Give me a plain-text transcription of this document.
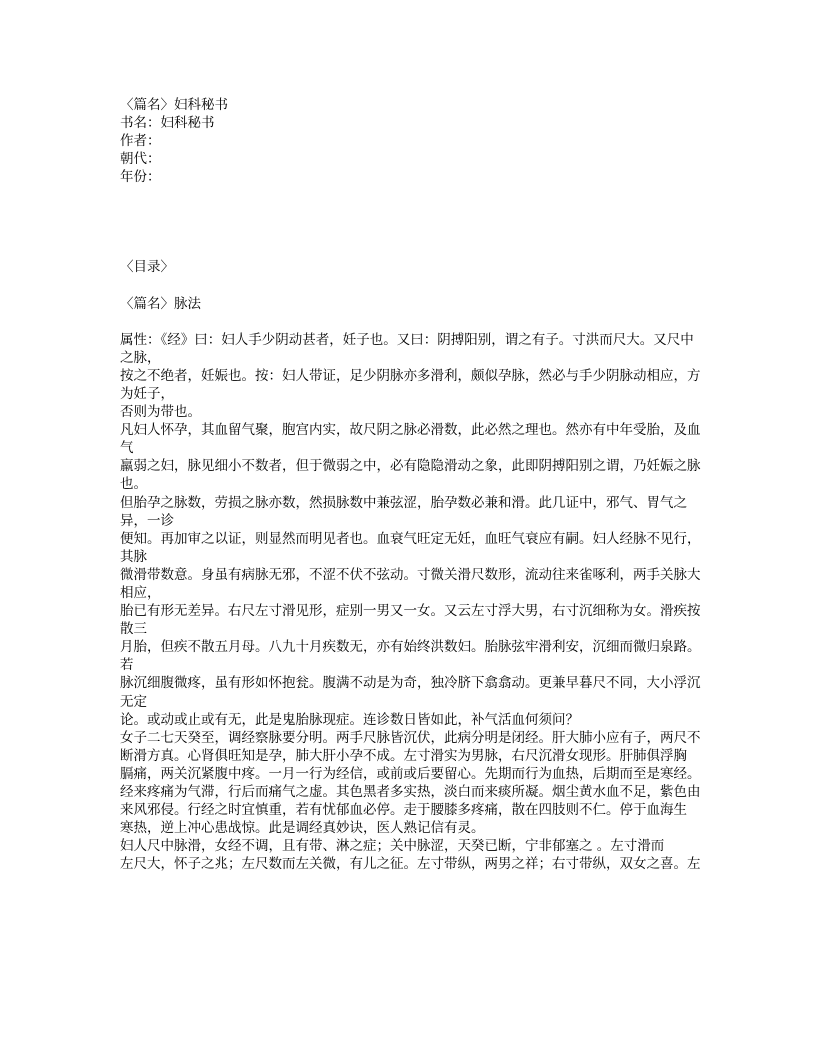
〈篇名〉妇科秘书
书名：妇科秘书
作者：
朝代：
年份：
〈目录〉
〈篇名〉脉法
属性：《经》曰：妇人手少阴动甚者，妊子也。又曰：阴搏阳别，谓之有子。寸洪而尺大。又尺中之脉，
按之不绝者，妊娠也。按：妇人带证，足少阴脉亦多滑利，颇似孕脉，然必与手少阴脉动相应，方为妊子，
否则为带也。
凡妇人怀孕，其血留气聚，胞宫内实，故尺阴之脉必滑数，此必然之理也。然亦有中年受胎，及血气
羸弱之妇，脉见细小不数者，但于微弱之中，必有隐隐滑动之象，此即阴搏阳别之谓，乃妊娠之脉也。
但胎孕之脉数，劳损之脉亦数，然损脉数中兼弦涩，胎孕数必兼和滑。此几证中，邪气、胃气之异，一诊
便知。再加审之以证，则显然而明见者也。血衰气旺定无妊，血旺气衰应有嗣。妇人经脉不见行，其脉
微滑带数意。身虽有病脉无邪，不涩不伏不弦动。寸微关滑尺数形，流动往来雀啄利，两手关脉大相应，
胎已有形无差异。右尺左寸滑见形，症别一男又一女。又云左寸浮大男，右寸沉细称为女。滑疾按散三
月胎，但疾不散五月母。八九十月疾数无，亦有始终洪数妇。胎脉弦牢滑利安，沉细而微归泉路。若
脉沉细腹微疼，虽有形如怀抱瓮。腹满不动是为奇，独冷脐下翕翕动。更兼早暮尺不同，大小浮沉无定
论。或动或止或有无，此是鬼胎脉现症。连诊数日皆如此，补气活血何须问？
女子二七天癸至，调经察脉要分明。两手尺脉皆沉伏，此病分明是闭经。肝大肺小应有子，两尺不断滑方真。心肾俱旺知是孕，肺大肝小孕不成。左寸滑实为男脉，右尺沉滑女现形。肝肺俱浮胸
膈痛，两关沉紧腹中疼。一月一行为经信，或前或后要留心。先期而行为血热，后期而至是寒经。
经来疼痛为气滞，行后而痛气之虚。其色黑者多实热，淡白而来痰所凝。烟尘黄水血不足，紫色由
来风邪侵。行经之时宜慎重，若有忧郁血必停。走于腰膝多疼痛，散在四肢则不仁。停于血海生
寒热，逆上冲心患战惊。此是调经真妙诀，医人熟记信有灵。
妇人尺中脉滑，女经不调，且有带、淋之症；关中脉涩，天癸已断，宁非郁塞之 。左寸滑而
左尺大，怀子之兆；左尺数而左关微，有儿之征。左寸带纵，两男之祥；右寸带纵，双女之喜。左
